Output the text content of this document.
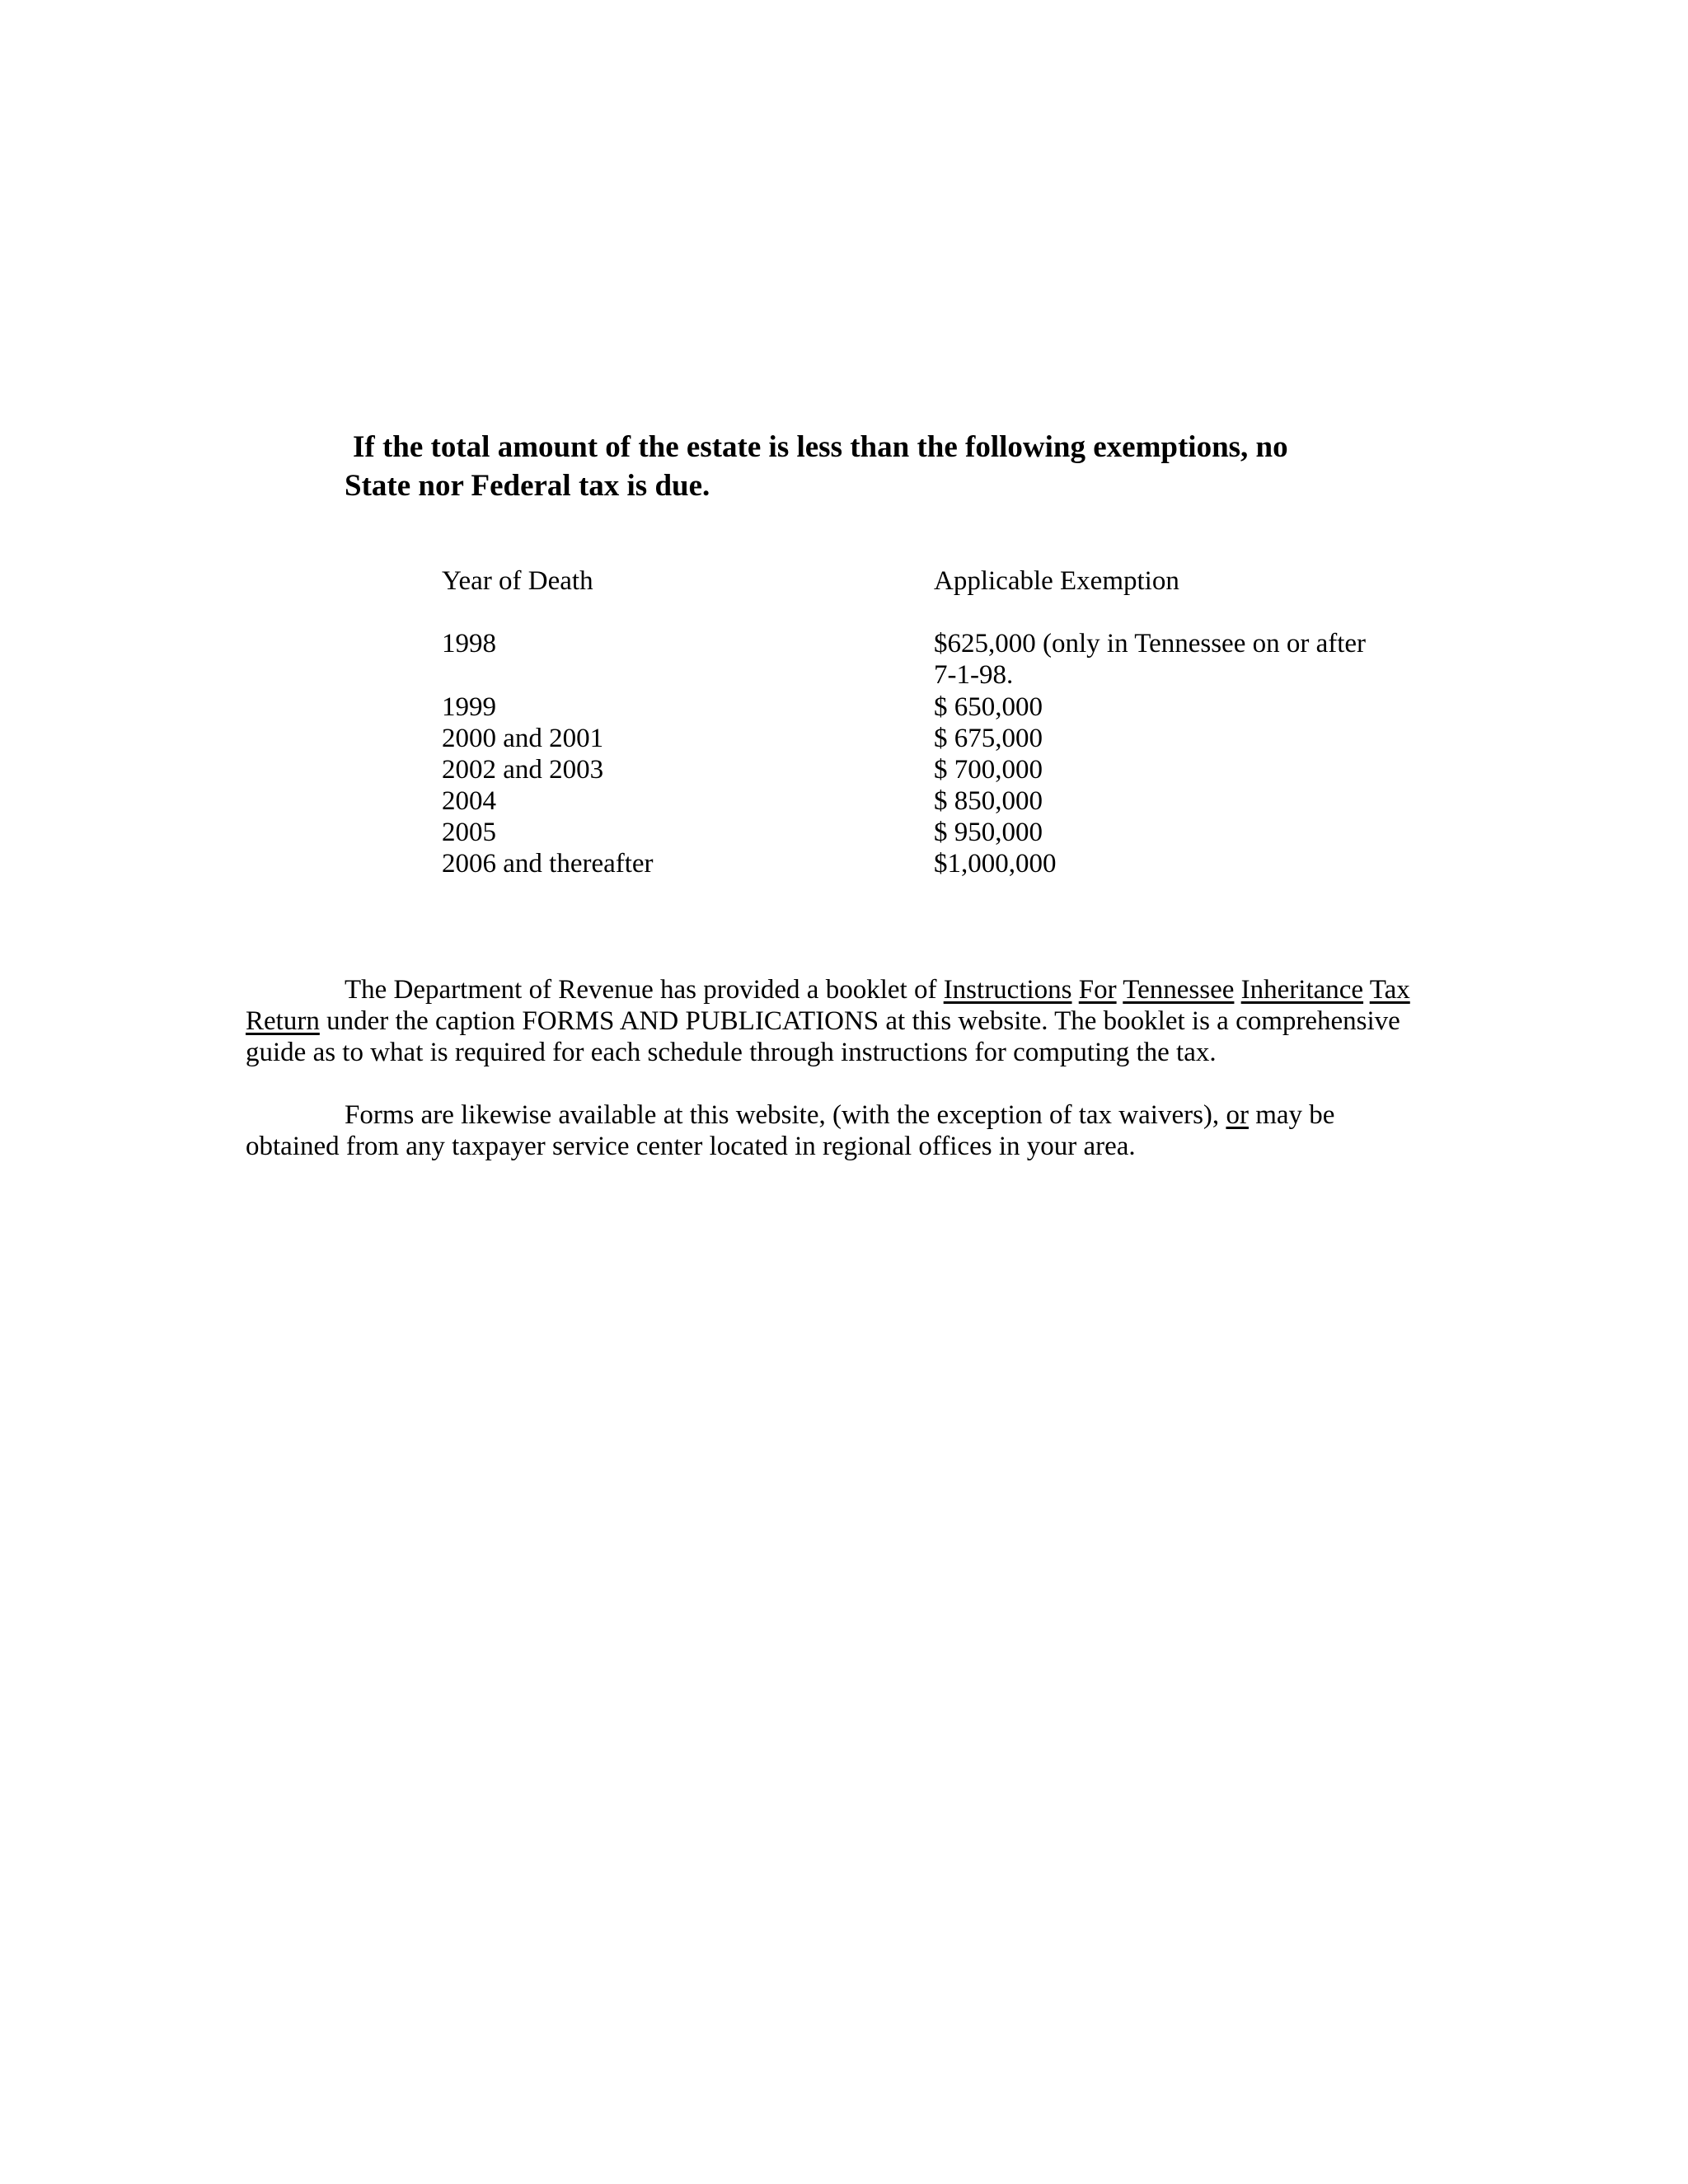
If the total amount of the estate is less than the following exemptions, no
State nor Federal tax is due.
Year of Death	Applicable Exemption
1998	$625,000 (only in Tennessee on or after
7-1-98.
1999	$ 650,000
2000 and 2001	$ 675,000
2002 and 2003	$ 700,000
2004	$ 850,000
2005	$ 950,000
2006 and thereafter	$1,000,000
The Department of Revenue has provided a booklet of Instructions For Tennessee Inheritance Tax
Return under the caption FORMS AND PUBLICATIONS at this website. The booklet is a comprehensive
guide as to what is required for each schedule through instructions for computing the tax.
Forms are likewise available at this website, (with the exception of tax waivers), or may be
obtained from any taxpayer service center located in regional offices in your area.
